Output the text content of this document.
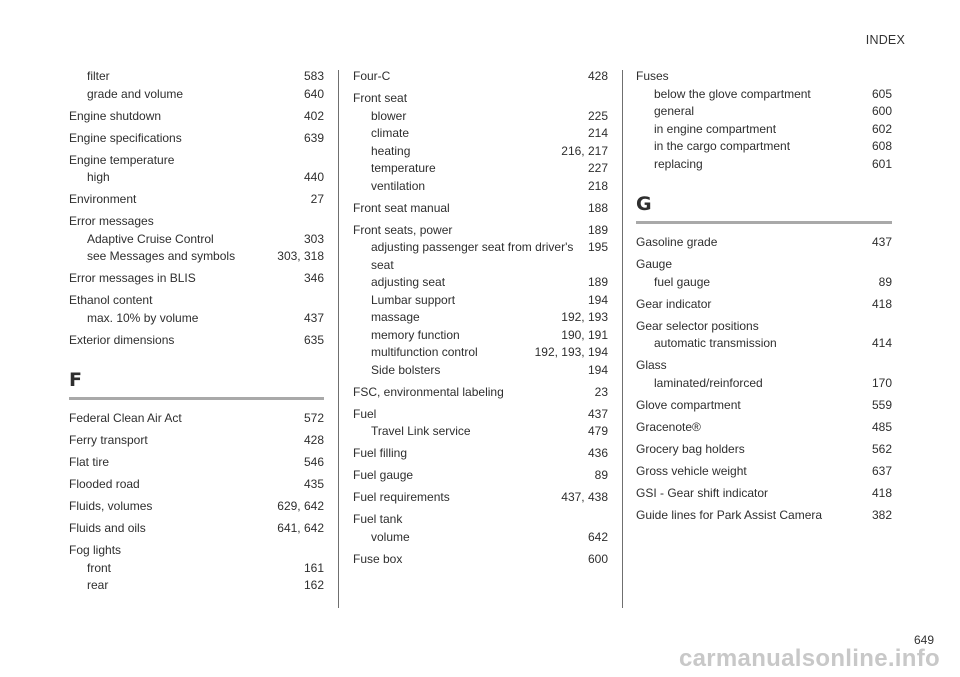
INDEX
filter	583
grade and volume	640
Engine shutdown	402
Engine specifications	639
Engine temperature
high	440
Environment	27
Error messages
Adaptive Cruise Control	303
see Messages and symbols	303, 318
Error messages in BLIS	346
Ethanol content
max. 10% by volume	437
Exterior dimensions	635
F
Federal Clean Air Act	572
Ferry transport	428
Flat tire	546
Flooded road	435
Fluids, volumes	629, 642
Fluids and oils	641, 642
Fog lights
front	161
rear	162
Four-C	428
Front seat
blower	225
climate	214
heating	216, 217
temperature	227
ventilation	218
Front seat manual	188
Front seats, power	189
adjusting passenger seat from driver's seat
195
adjusting seat	189
Lumbar support	194
massage	192, 193
memory function	190, 191
multifunction control	192, 193, 194
Side bolsters	194
FSC, environmental labeling	23
Fuel	437
Travel Link service	479
Fuel filling	436
Fuel gauge	89
Fuel requirements	437, 438
Fuel tank
volume	642
Fuse box	600
Fuses
below the glove compartment	605
general	600
in engine compartment	602
in the cargo compartment	608
replacing	601
G
Gasoline grade	437
Gauge
fuel gauge	89
Gear indicator	418
Gear selector positions
automatic transmission	414
Glass
laminated/reinforced	170
Glove compartment	559
Gracenote®	485
Grocery bag holders	562
Gross vehicle weight	637
GSI - Gear shift indicator	418
Guide lines for Park Assist Camera	382
649
carmanualsonline.info
